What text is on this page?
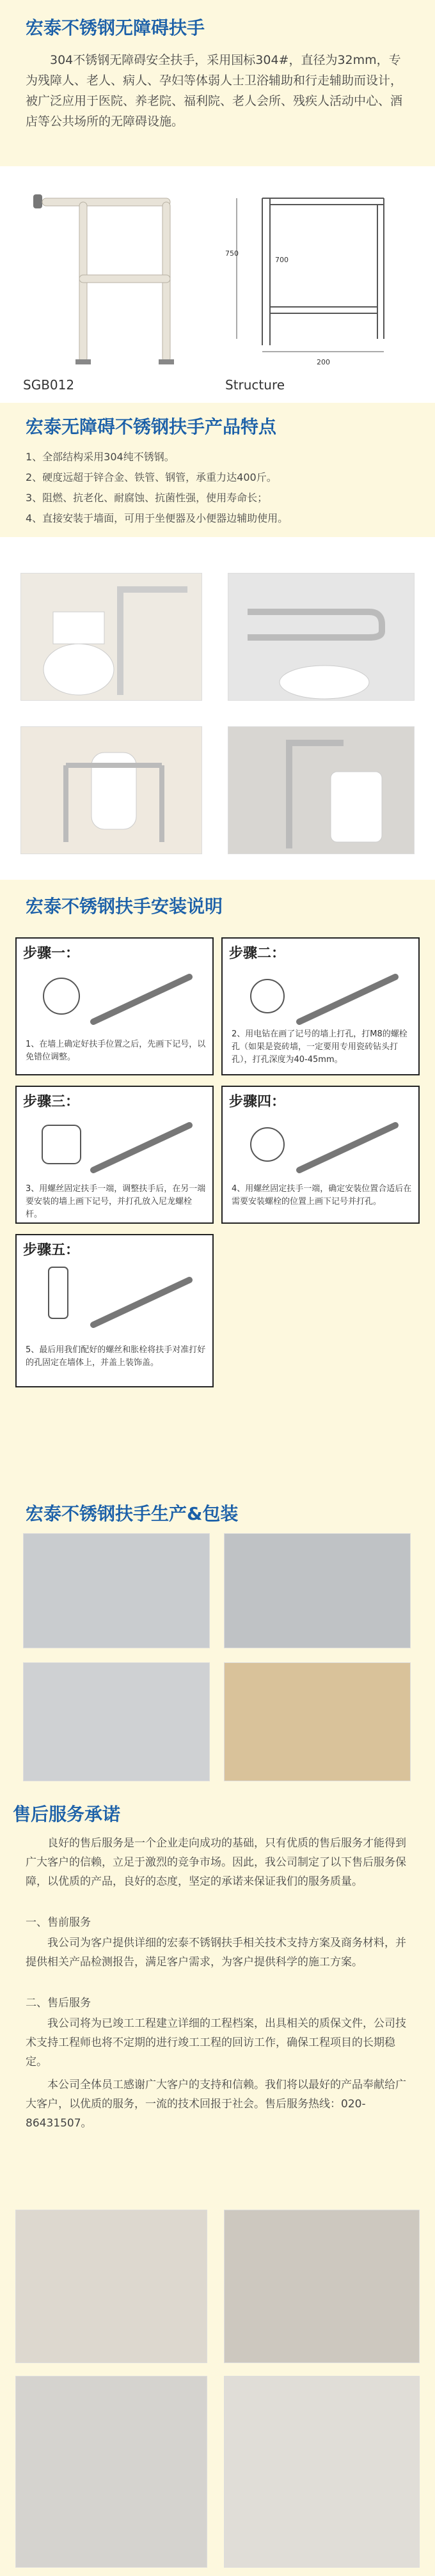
宏泰不锈钢无障碍扶手
304不锈钢无障碍安全扶手，采用国标304#，直径为32mm，专为残障人、老人、病人、孕妇等体弱人士卫浴辅助和行走辅助而设计，被广泛应用于医院、养老院、福利院、老人会所、残疾人活动中心、酒店等公共场所的无障碍设施。
SGB012
750
700
200
Structure
宏泰无障碍不锈钢扶手产品特点
1、全部结构采用304纯不锈钢。
2、硬度远超于锌合金、铁管、钢管，承重力达400斤。
3、阻燃、抗老化、耐腐蚀、抗菌性强，使用寿命长；
4、直接安装于墙面，可用于坐便器及小便器边辅助使用。
宏泰不锈钢扶手安装说明
步骤一：
1、在墙上确定好扶手位置之后，先画下记号，以免错位调整。
步骤二：
2、用电钻在画了记号的墙上打孔，打M8的螺栓孔（如果是瓷砖墙，一定要用专用瓷砖钻头打孔），打孔深度为40-45mm。
步骤三：
3、用螺丝固定扶手一端，调整扶手后，在另一端要安装的墙上画下记号，并打孔放入尼龙螺栓杆。
步骤四：
4、用螺丝固定扶手一端，确定安装位置合适后在需要安装螺栓的位置上画下记号并打孔。
步骤五：
5、最后用我们配好的螺丝和胀栓将扶手对准打好的孔固定在墙体上，并盖上装饰盖。
宏泰不锈钢扶手生产&包装
售后服务承诺
良好的售后服务是一个企业走向成功的基础，只有优质的售后服务才能得到广大客户的信赖，立足于激烈的竞争市场。因此，我公司制定了以下售后服务保障，以优质的产品，良好的态度，坚定的承诺来保证我们的服务质量。
一、售前服务
我公司为客户提供详细的宏泰不锈钢扶手相关技术支持方案及商务材料，并提供相关产品检测报告，满足客户需求，为客户提供科学的施工方案。
二、售后服务
我公司将为已竣工工程建立详细的工程档案，出具相关的质保文件，公司技术支持工程师也将不定期的进行竣工工程的回访工作，确保工程项目的长期稳定。
本公司全体员工感谢广大客户的支持和信赖。我们将以最好的产品奉献给广大客户，以优质的服务，一流的技术回报于社会。售后服务热线：020-86431507。
